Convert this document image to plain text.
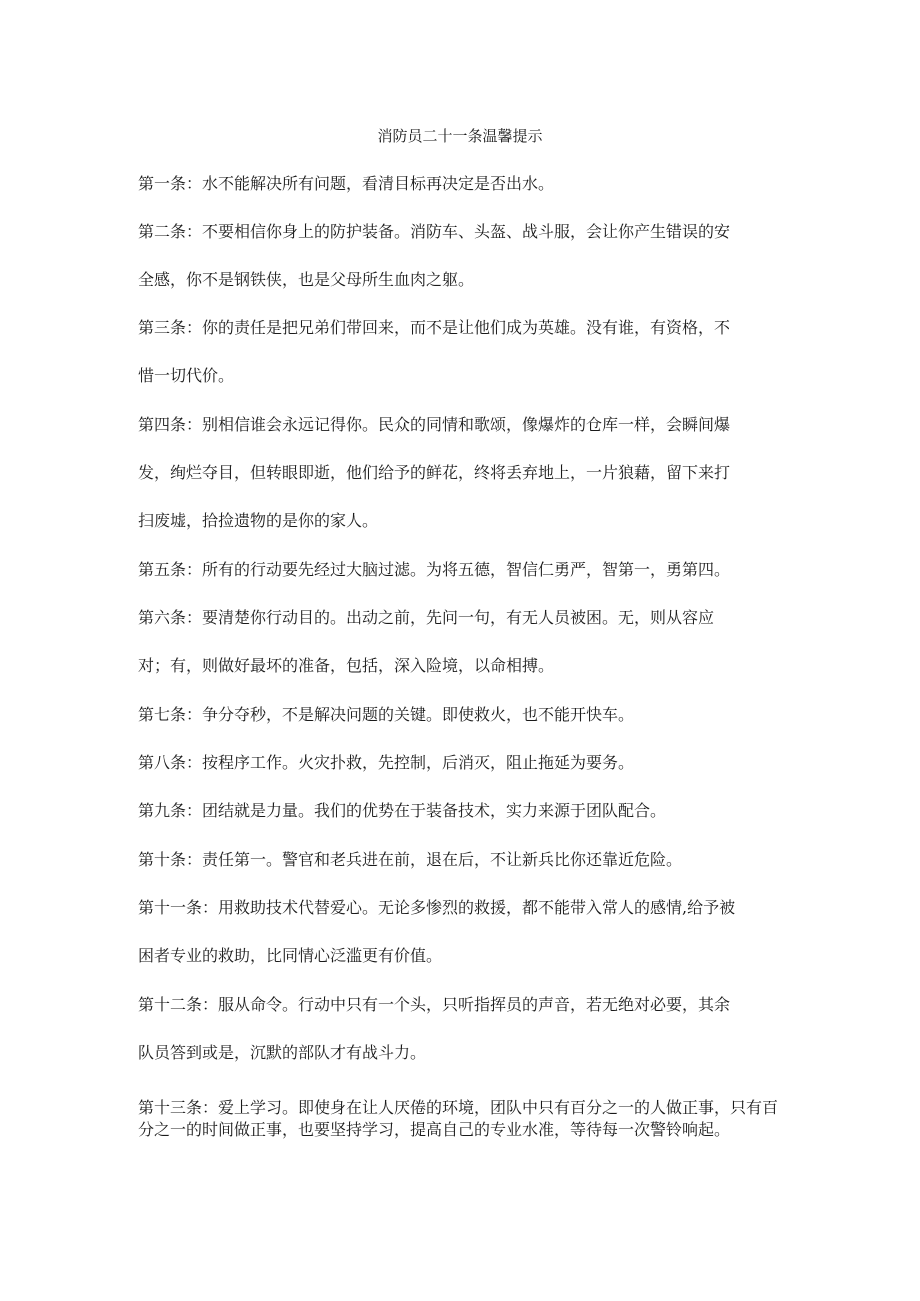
消防员二十一条温馨提示
第一条：水不能解决所有问题，看清目标再决定是否出水。
第二条：不要相信你身上的防护装备。消防车、头盔、战斗服，会让你产生错误的安
全感，你不是钢铁侠，也是父母所生血肉之躯。
第三条：你的责任是把兄弟们带回来，而不是让他们成为英雄。没有谁，有资格，不
惜一切代价。
第四条：别相信谁会永远记得你。民众的同情和歌颂，像爆炸的仓库一样，会瞬间爆
发，绚烂夺目，但转眼即逝，他们给予的鲜花，终将丢弃地上，一片狼藉，留下来打
扫废墟，拾捡遗物的是你的家人。
第五条：所有的行动要先经过大脑过滤。为将五德，智信仁勇严，智第一，勇第四。
第六条：要清楚你行动目的。出动之前，先问一句，有无人员被困。无，则从容应
对；有，则做好最坏的准备，包括，深入险境，以命相搏。
第七条：争分夺秒，不是解决问题的关键。即使救火，也不能开快车。
第八条：按程序工作。火灾扑救，先控制，后消灭，阻止拖延为要务。
第九条：团结就是力量。我们的优势在于装备技术，实力来源于团队配合。
第十条：责任第一。警官和老兵进在前，退在后，不让新兵比你还靠近危险。
第十一条：用救助技术代替爱心。无论多惨烈的救援，都不能带入常人的感情,给予被
困者专业的救助，比同情心泛滥更有价值。
第十二条：服从命令。行动中只有一个头，只听指挥员的声音，若无绝对必要，其余
队员答到或是，沉默的部队才有战斗力。
第十三条：爱上学习。即使身在让人厌倦的环境，团队中只有百分之一的人做正事，只有百分之一的时间做正事，也要坚持学习，提高自己的专业水准，等待每一次警铃响起。
